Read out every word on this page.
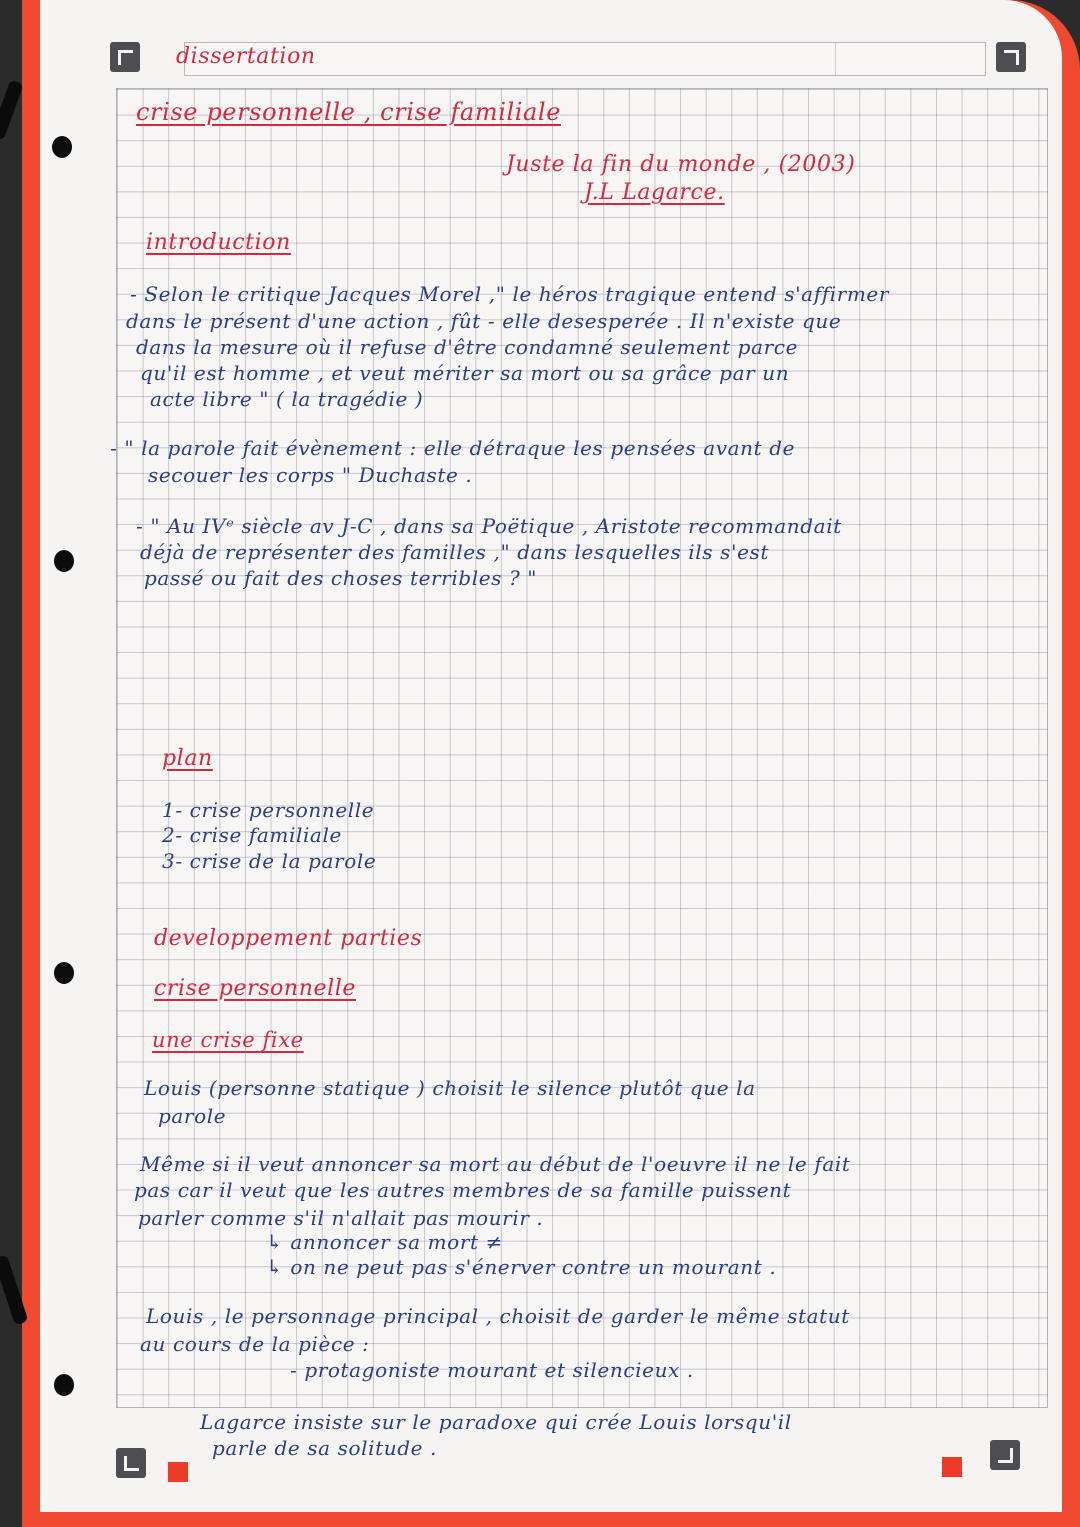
dissertation
crise personnelle , crise familiale
Juste la fin du monde , (2003)
J.L Lagarce.
introduction
- Selon le critique Jacques Morel ," le héros tragique entend s'affirmer
dans le présent d'une action , fût - elle desesperée . Il n'existe que
dans la mesure où il refuse d'être condamné seulement parce
qu'il est homme , et veut mériter sa mort ou sa grâce par un
acte libre " ( la tragédie )
- " la parole fait évènement : elle détraque les pensées avant de
secouer les corps " Duchaste .
- " Au IVᵉ siècle av J-C , dans sa Poëtique , Aristote recommandait
déjà de représenter des familles ," dans lesquelles ils s'est
passé ou fait des choses terribles ? "
plan
1- crise personnelle
2- crise familiale
3- crise de la parole
developpement parties
crise personnelle
une crise fixe
Louis (personne statique ) choisit le silence plutôt que la
parole
Même si il veut annoncer sa mort au début de l'oeuvre il ne le fait
pas car il veut que les autres membres de sa famille puissent
parler comme s'il n'allait pas mourir .
↳ annoncer sa mort ≠
↳ on ne peut pas s'énerver contre un mourant .
Louis , le personnage principal , choisit de garder le même statut
au cours de la pièce :
- protagoniste mourant et silencieux .
Lagarce insiste sur le paradoxe qui crée Louis lorsqu'il
parle de sa solitude .
